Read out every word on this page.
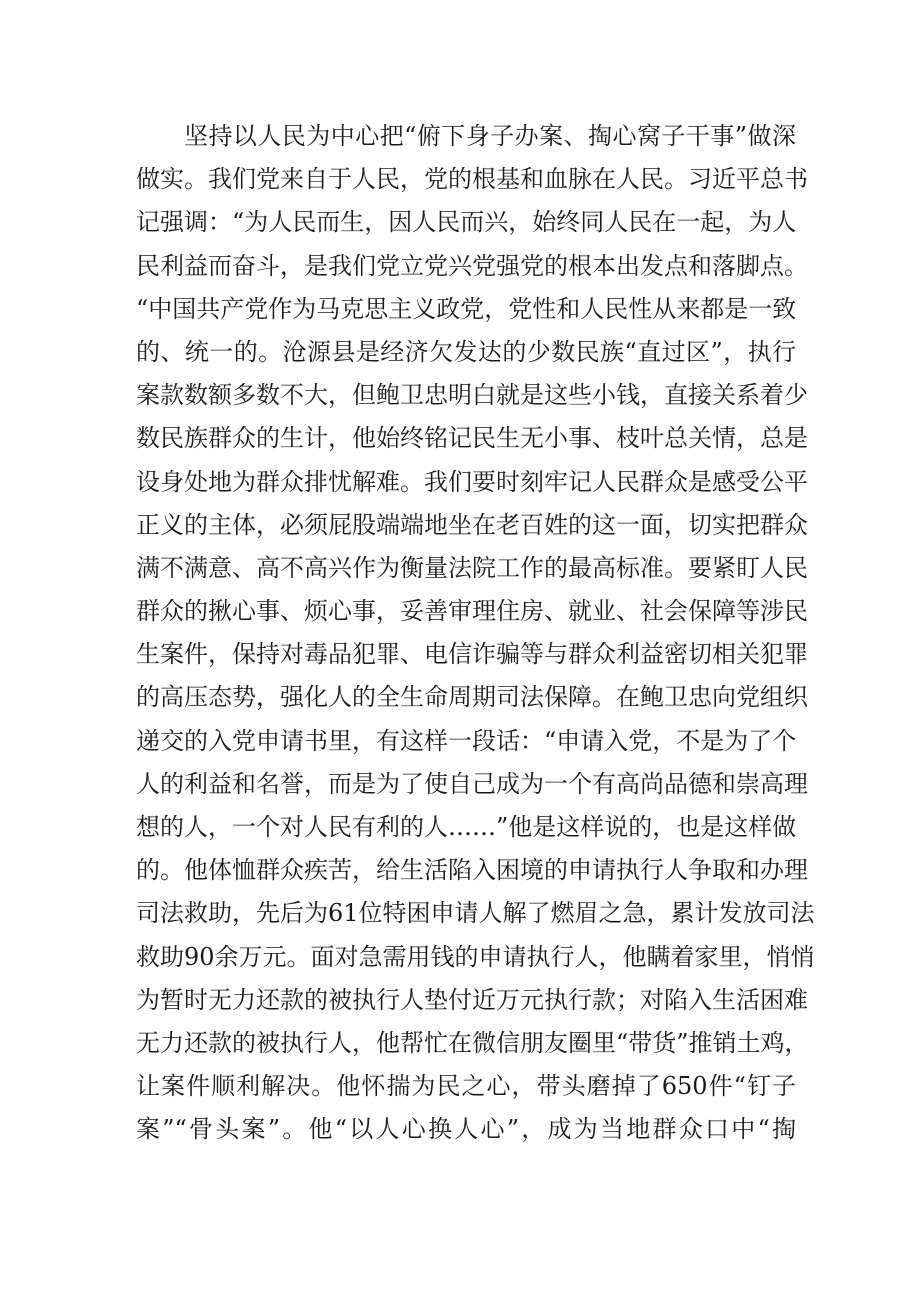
坚持以人民为中心把“俯下身子办案、掏心窝子干事”做深
做实。我们党来自于人民，党的根基和血脉在人民。习近平总书
记强调：“为人民而生，因人民而兴，始终同人民在一起，为人
民利益而奋斗，是我们党立党兴党强党的根本出发点和落脚点。
“中国共产党作为马克思主义政党，党性和人民性从来都是一致
的、统一的。沧源县是经济欠发达的少数民族“直过区”，执行
案款数额多数不大，但鲍卫忠明白就是这些小钱，直接关系着少
数民族群众的生计，他始终铭记民生无小事、枝叶总关情，总是
设身处地为群众排忧解难。我们要时刻牢记人民群众是感受公平
正义的主体，必须屁股端端地坐在老百姓的这一面，切实把群众
满不满意、高不高兴作为衡量法院工作的最高标准。要紧盯人民
群众的揪心事、烦心事，妥善审理住房、就业、社会保障等涉民
生案件，保持对毒品犯罪、电信诈骗等与群众利益密切相关犯罪
的高压态势，强化人的全生命周期司法保障。在鲍卫忠向党组织
递交的入党申请书里，有这样一段话：“申请入党，不是为了个
人的利益和名誉，而是为了使自己成为一个有高尚品德和崇高理
想的人，一个对人民有利的人……”他是这样说的，也是这样做
的。他体恤群众疾苦，给生活陷入困境的申请执行人争取和办理
司法救助，先后为61位特困申请人解了燃眉之急，累计发放司法
救助90余万元。面对急需用钱的申请执行人，他瞒着家里，悄悄
为暂时无力还款的被执行人垫付近万元执行款；对陷入生活困难
无力还款的被执行人，他帮忙在微信朋友圈里“带货”推销土鸡，
让案件顺利解决。他怀揣为民之心，带头磨掉了650件“钉子
案”“骨头案”。他“以人心换人心”，成为当地群众口中“掏
